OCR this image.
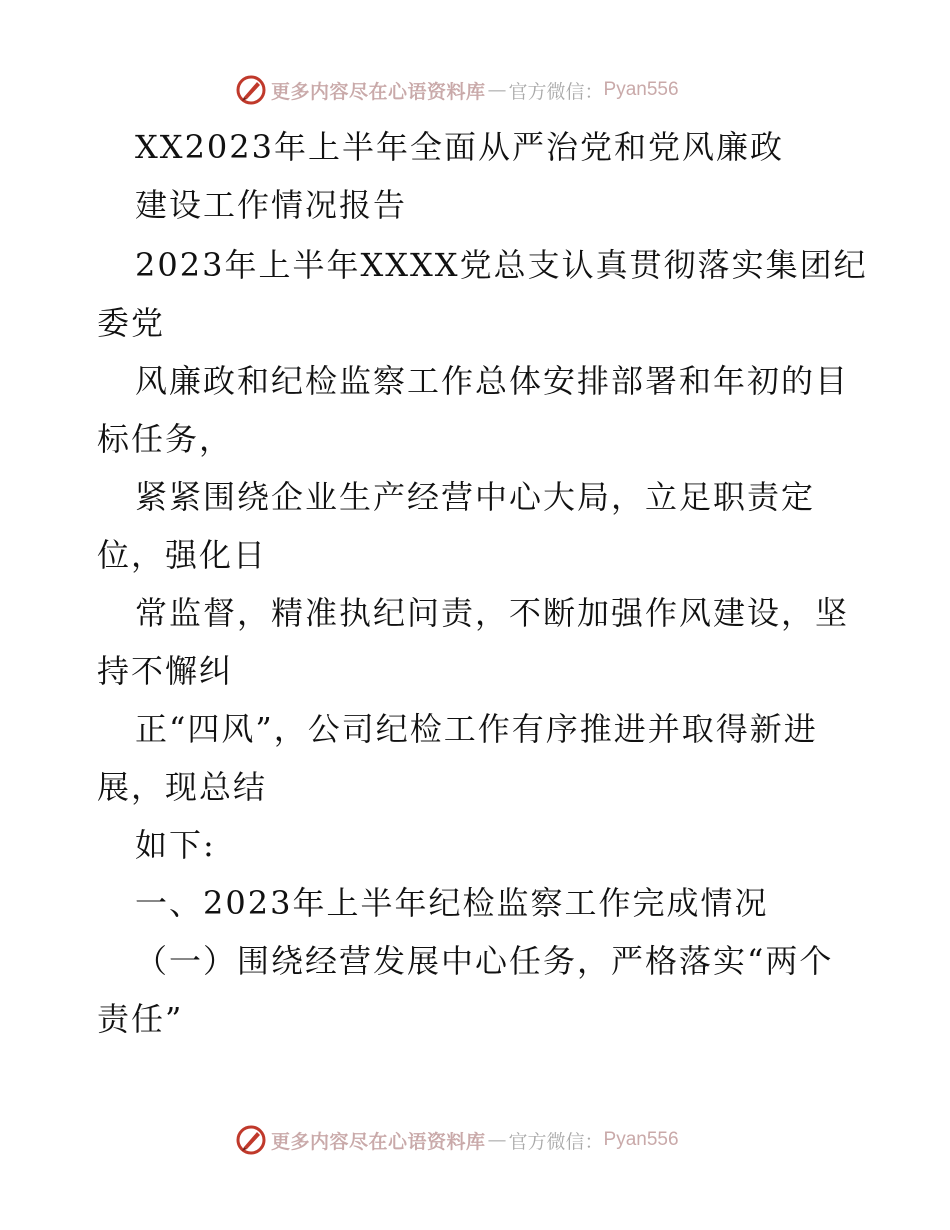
更多内容尽在心语资料库 — 官方微信： Pyan556
XX2023年上半年全面从严治党和党风廉政
建设工作情况报告
2023年上半年XXXX党总支认真贯彻落实集团纪
委党
风廉政和纪检监察工作总体安排部署和年初的目
标任务，
紧紧围绕企业生产经营中心大局，立足职责定
位，强化日
常监督，精准执纪问责，不断加强作风建设，坚
持不懈纠
正“四风”，公司纪检工作有序推进并取得新进
展，现总结
如下:
一、2023年上半年纪检监察工作完成情况
（一）围绕经营发展中心任务，严格落实“两个
责任”
更多内容尽在心语资料库 — 官方微信： Pyan556
